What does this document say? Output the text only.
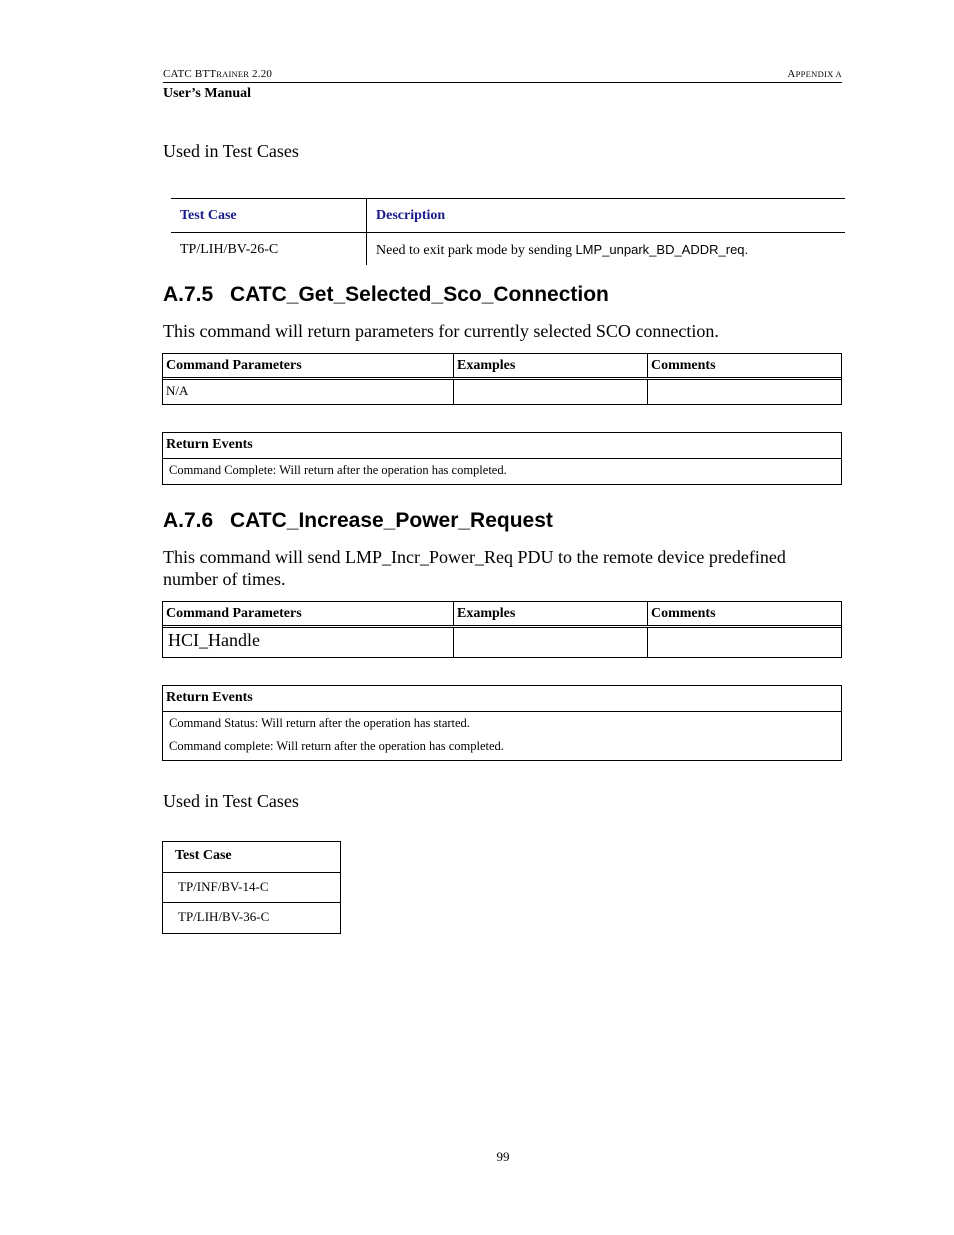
CATC BTTRAINER 2.20	APPENDIX A
User’s Manual
Used in Test Cases
Test Case	Description
TP/LIH/BV-26-C	Need to exit park mode by sending LMP_unpark_BD_ADDR_req.
A.7.5 CATC_Get_Selected_Sco_Connection
This command will return parameters for currently selected SCO connection.
Command Parameters	Examples	Comments
N/A
Return Events
Command Complete: Will return after the operation has completed.
A.7.6 CATC_Increase_Power_Request
This command will send LMP_Incr_Power_Req PDU to the remote device predefined
number of times.
Command Parameters	Examples	Comments
HCI_Handle
Return Events
Command Status: Will return after the operation has started.
Command complete: Will return after the operation has completed.
Used in Test Cases
Test Case
TP/INF/BV-14-C
TP/LIH/BV-36-C
99
